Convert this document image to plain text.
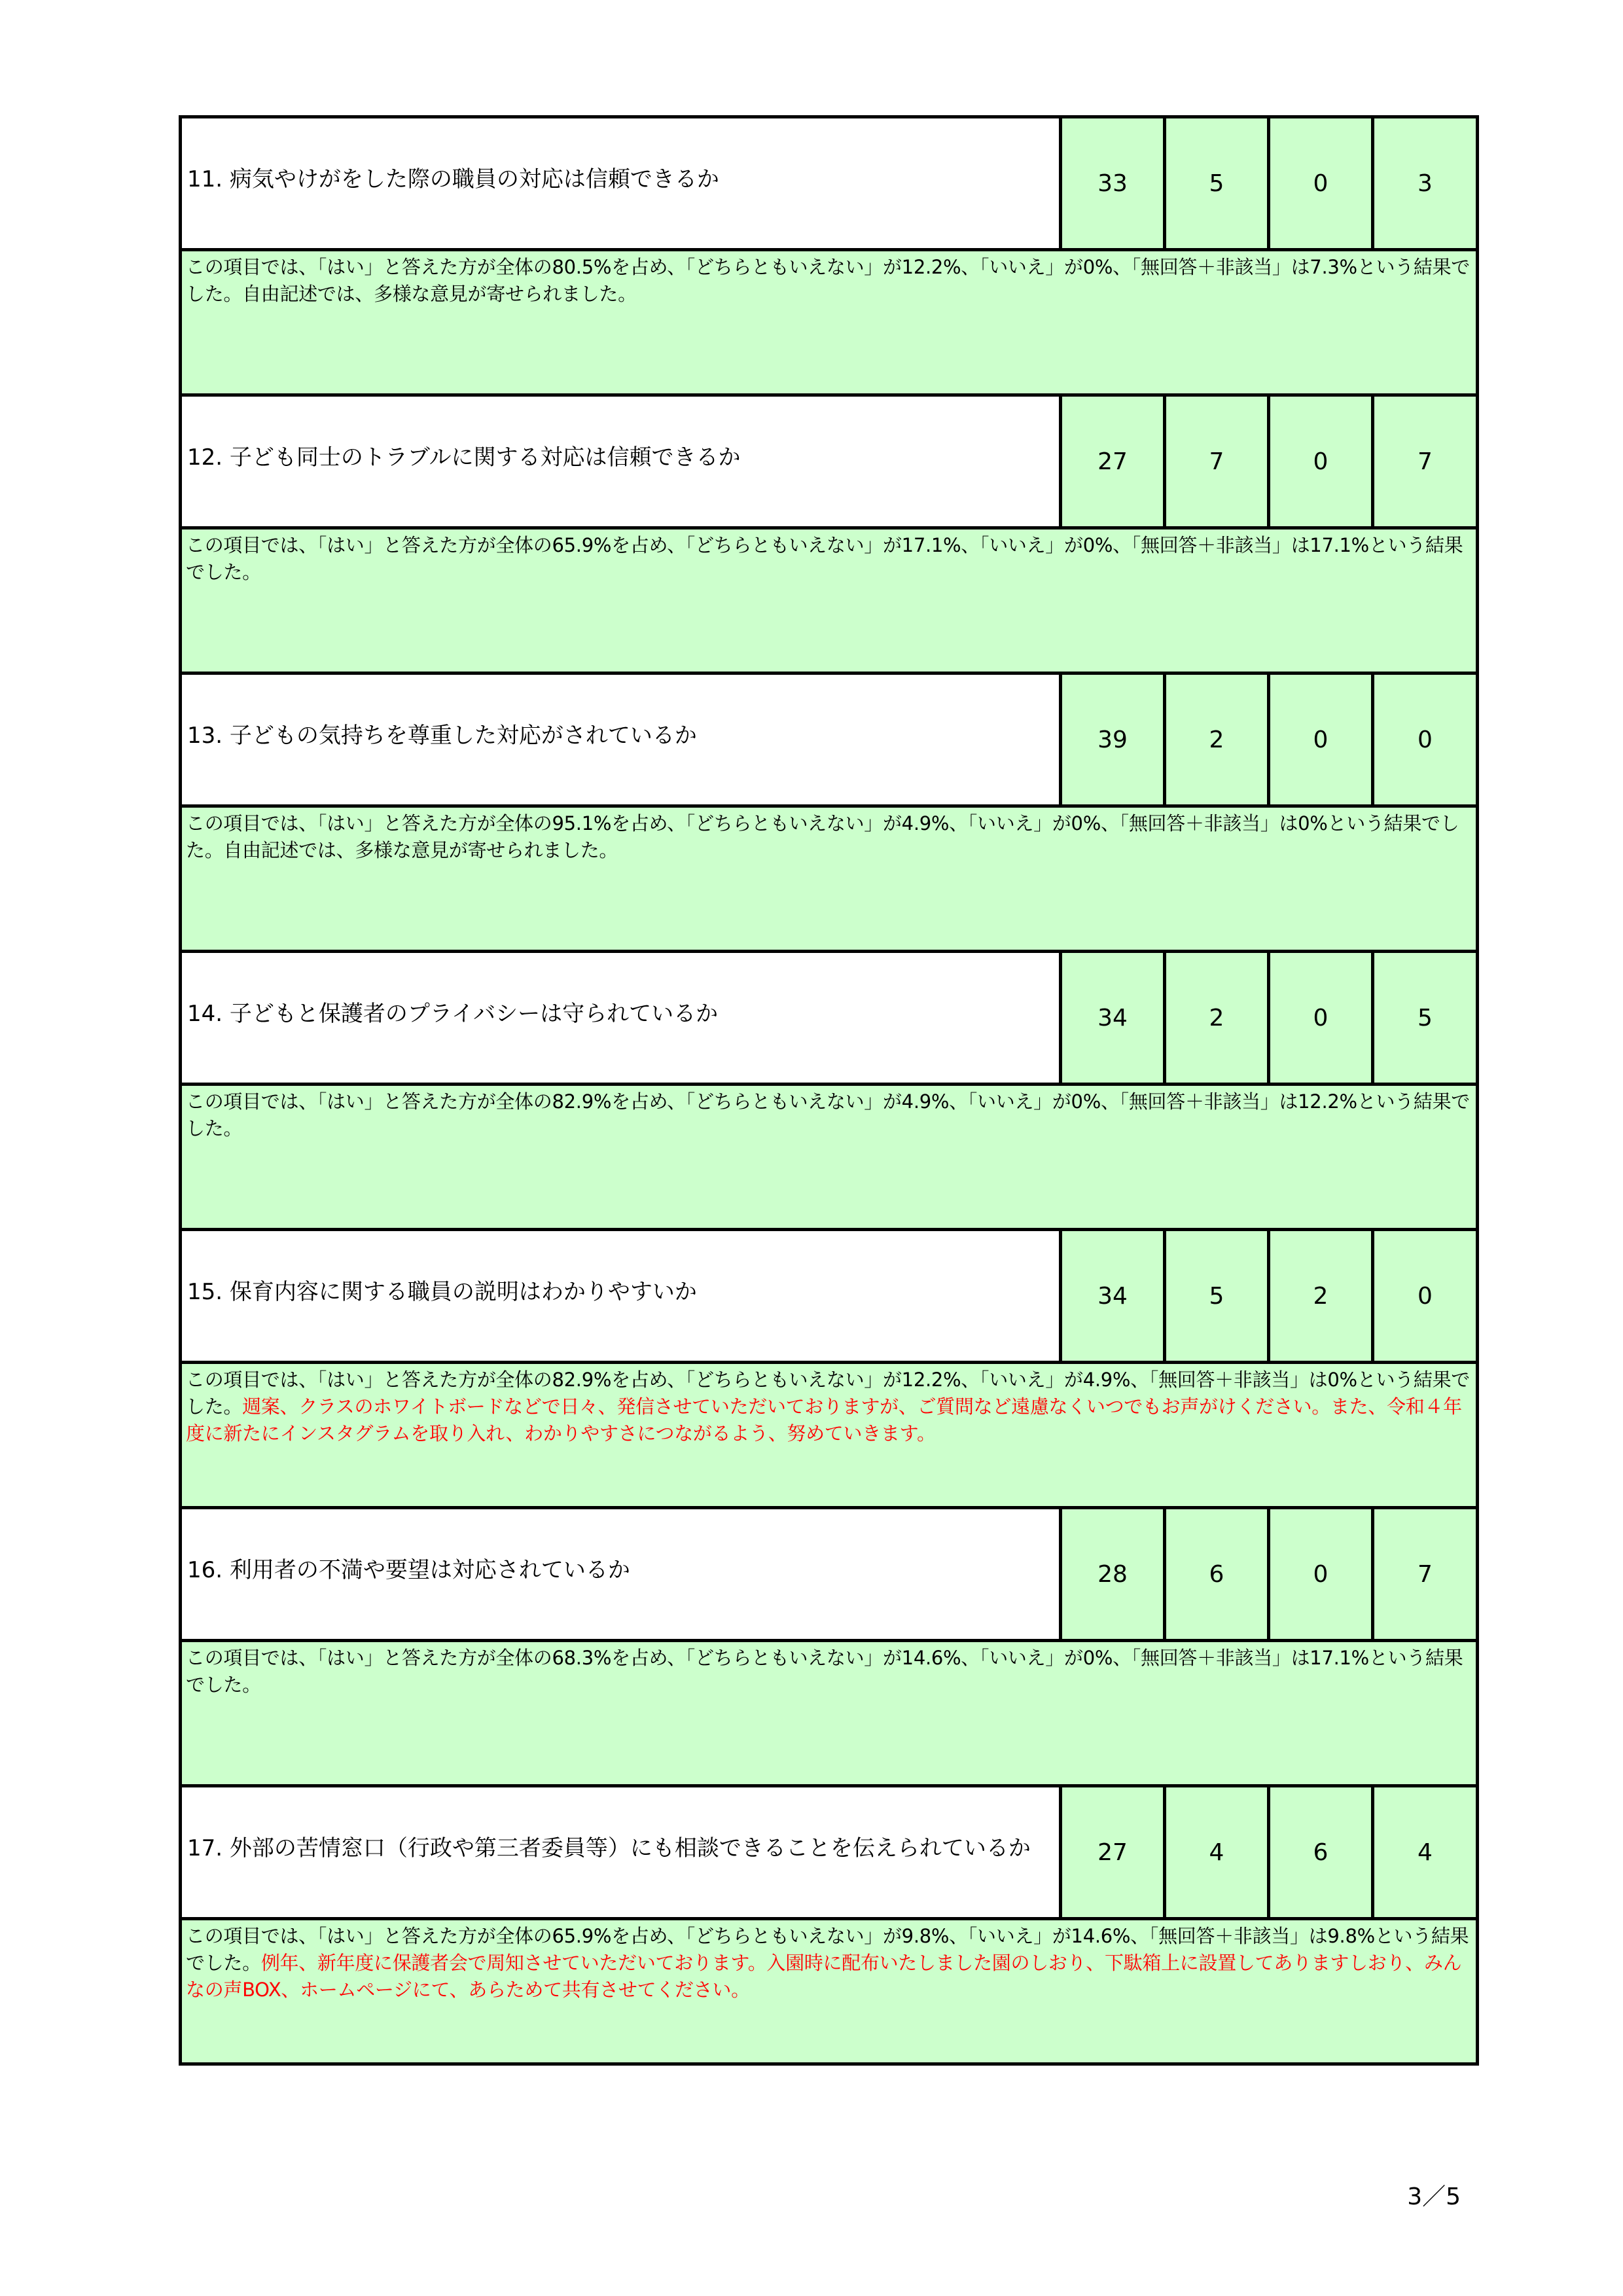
11. 病気やけがをした際の職員の対応は信頼できるか	33	5	0	3
この項目では、「はい」と答えた方が全体の80.5%を占め、「どちらともいえない」が12.2%、「いいえ」が0%、「無回答＋非該当」は7.3%という結果でした。自由記述では、多様な意見が寄せられました。				

12. 子ども同士のトラブルに関する対応は信頼できるか	27	7	0	7
この項目では、「はい」と答えた方が全体の65.9%を占め、「どちらともいえない」が17.1%、「いいえ」が0%、「無回答＋非該当」は17.1%という結果でした。				

13. 子どもの気持ちを尊重した対応がされているか	39	2	0	0
この項目では、「はい」と答えた方が全体の95.1%を占め、「どちらともいえない」が4.9%、「いいえ」が0%、「無回答＋非該当」は0%という結果でした。自由記述では、多様な意見が寄せられました。				

14. 子どもと保護者のプライバシーは守られているか	34	2	0	5
この項目では、「はい」と答えた方が全体の82.9%を占め、「どちらともいえない」が4.9%、「いいえ」が0%、「無回答＋非該当」は12.2%という結果でした。				

15. 保育内容に関する職員の説明はわかりやすいか	34	5	2	0
この項目では、「はい」と答えた方が全体の82.9%を占め、「どちらともいえない」が12.2%、「いいえ」が4.9%、「無回答＋非該当」は0%という結果でした。週案、クラスのホワイトボードなどで日々、発信させていただいておりますが、ご質問など遠慮なくいつでもお声がけください。また、令和４年度に新たにインスタグラムを取り入れ、わかりやすさにつながるよう、努めていきます。				

16. 利用者の不満や要望は対応されているか	28	6	0	7
この項目では、「はい」と答えた方が全体の68.3%を占め、「どちらともいえない」が14.6%、「いいえ」が0%、「無回答＋非該当」は17.1%という結果でした。				

17. 外部の苦情窓口（行政や第三者委員等）にも相談できることを伝えられているか	27	4	6	4
この項目では、「はい」と答えた方が全体の65.9%を占め、「どちらともいえない」が9.8%、「いいえ」が14.6%、「無回答＋非該当」は9.8%という結果でした。例年、新年度に保護者会で周知させていただいております。入園時に配布いたしました園のしおり、下駄箱上に設置してありますしおり、みんなの声BOX、ホームページにて、あらためて共有させてください。				
3／5
